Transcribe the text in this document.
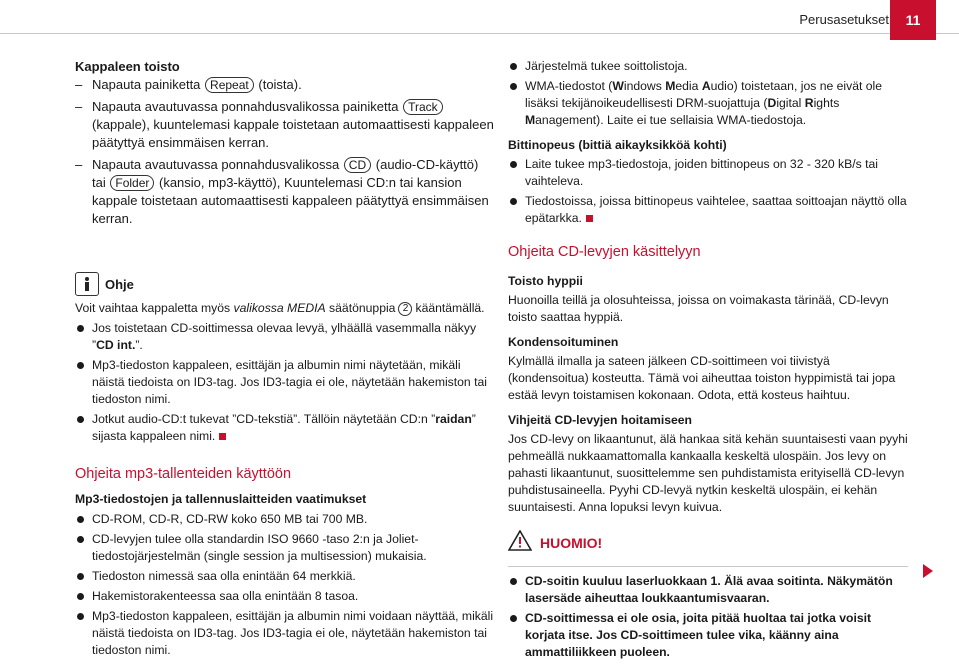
Perusasetukset	11
Kappaleen toisto
– Napauta painiketta Repeat (toista).
– Napauta avautuvassa ponnahdusvalikossa painiketta Track (kappale), kuuntelemasi kappale toistetaan automaattisesti kappaleen päätyttyä ensimmäisen kerran.
– Napauta avautuvassa ponnahdusvalikossa CD (audio-CD-käyttö) tai Folder (kansio, mp3-käyttö), Kuuntelemasi CD:n tai kansion kappale toistetaan automaattisesti kappaleen päätyttyä ensimmäisen kerran.
Ohje
Voit vaihtaa kappaletta myös valikossa MEDIA säätönuppia 2 kääntämällä.
Jos toistetaan CD-soittimessa olevaa levyä, ylhäällä vasemmalla näkyy ”CD int.”.
Mp3-tiedoston kappaleen, esittäjän ja albumin nimi näytetään, mikäli näistä tiedoista on ID3-tag. Jos ID3-tagia ei ole, näytetään hakemiston tai tiedoston nimi.
Jotkut audio-CD:t tukevat ”CD-tekstiä”. Tällöin näytetään CD:n ”raidan” sijasta kappaleen nimi.
Ohjeita mp3-tallenteiden käyttöön
Mp3-tiedostojen ja tallennuslaitteiden vaatimukset
CD-ROM, CD-R, CD-RW koko 650 MB tai 700 MB.
CD-levyjen tulee olla standardin ISO 9660 -taso 2:n ja Joliet-tiedostojärjestelmän (single session ja multisession) mukaisia.
Tiedoston nimessä saa olla enintään 64 merkkiä.
Hakemistorakenteessa saa olla enintään 8 tasoa.
Mp3-tiedoston kappaleen, esittäjän ja albumin nimi voidaan näyttää, mikäli näistä tiedoista on ID3-tag. Jos ID3-tagia ei ole, näytetään hakemiston tai tiedoston nimi.
Järjestelmä tukee soittolistoja.
WMA-tiedostot (Windows Media Audio) toistetaan, jos ne eivät ole lisäksi tekijänoikeudellisesti DRM-suojattuja (Digital Rights Management). Laite ei tue sellaisia WMA-tiedostoja.
Bittinopeus (bittiä aikayksikköä kohti)
Laite tukee mp3-tiedostoja, joiden bittinopeus on 32 - 320 kB/s tai vaihteleva.
Tiedostoissa, joissa bittinopeus vaihtelee, saattaa soittoajan näyttö olla epätarkka.
Ohjeita CD-levyjen käsittelyyn
Toisto hyppii
Huonoilla teillä ja olosuhteissa, joissa on voimakasta tärinää, CD-levyn toisto saattaa hyppiä.
Kondensoituminen
Kylmällä ilmalla ja sateen jälkeen CD-soittimeen voi tiivistyä (kondensoitua) kosteutta. Tämä voi aiheuttaa toiston hyppimistä tai jopa estää levyn toistamisen kokonaan. Odota, että kosteus haihtuu.
Vihjeitä CD-levyjen hoitamiseen
Jos CD-levy on likaantunut, älä hankaa sitä kehän suuntaisesti vaan pyyhi pehmeällä nukkaamattomalla kankaalla keskeltä ulospäin. Jos levy on pahasti likaantunut, suosittelemme sen puhdistamista erityisellä CD-levyn puhdistusaineella. Pyyhi CD-levyä nytkin keskeltä ulospäin, ei kehän suuntaisesti. Anna lopuksi levyn kuivua.
HUOMIO!
CD-soitin kuuluu laserluokkaan 1. Älä avaa soitinta. Näkymätön lasersäde aiheuttaa loukkaantumisvaaran.
CD-soittimessa ei ole osia, joita pitää huoltaa tai jotka voisit korjata itse. Jos CD-soittimeen tulee vika, käänny aina ammattiliikkeen puoleen.
